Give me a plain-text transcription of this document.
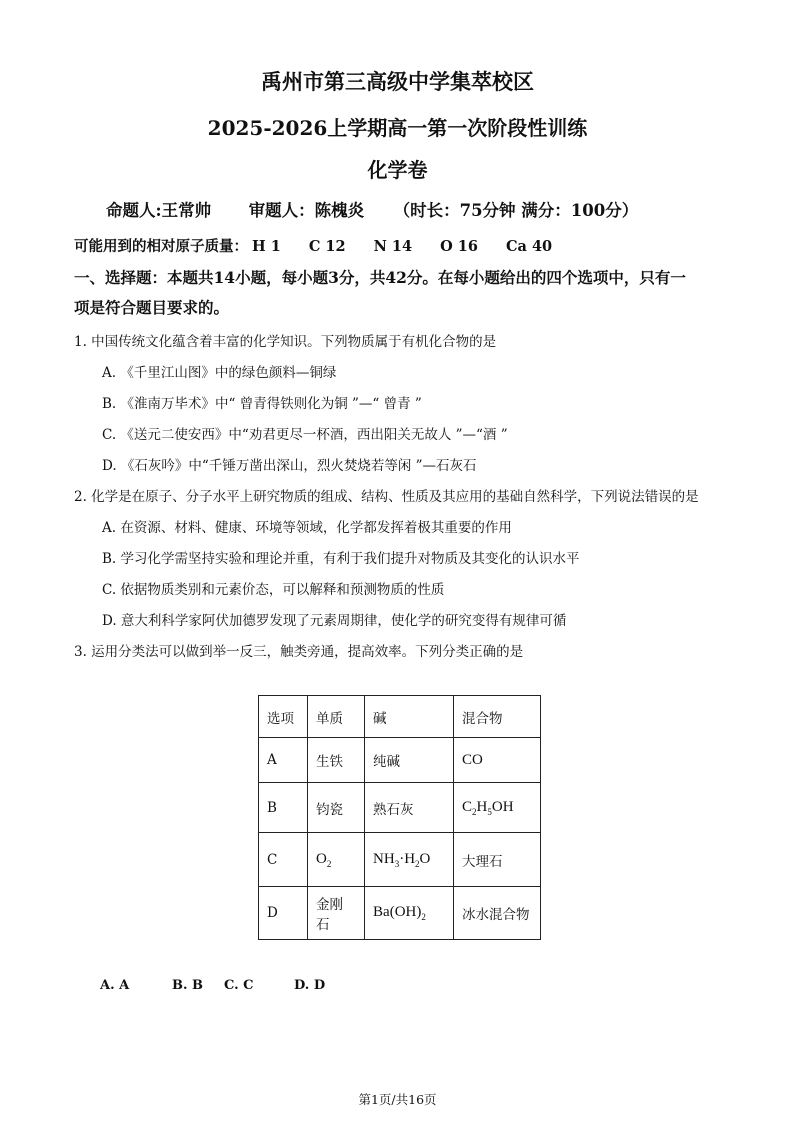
禹州市第三高级中学集萃校区
2025-2026上学期高一第一次阶段性训练
化学卷
命题人:王常帅 审题人：陈槐炎 （时长：75分钟 满分：100分）
可能用到的相对原子质量： H 1 C 12 N 14 O 16 Ca 40
一、选择题：本题共14小题，每小题3分，共42分。在每小题给出的四个选项中，只有一
项是符合题目要求的。
1. 中国传统文化蕴含着丰富的化学知识。下列物质属于有机化合物的是
A. 《千里江山图》中的绿色颜料—铜绿
B. 《淮南万毕术》中“ 曾青得铁则化为铜 ”—“ 曾青 ”
C. 《送元二使安西》中“劝君更尽一杯酒，西出阳关无故人 ”—“酒 ”
D. 《石灰吟》中“千锤万凿出深山，烈火焚烧若等闲 ”—石灰石
2. 化学是在原子、分子水平上研究物质的组成、结构、性质及其应用的基础自然科学，下列说法错误的是
A. 在资源、材料、健康、环境等领域，化学都发挥着极其重要的作用
B. 学习化学需坚持实验和理论并重，有利于我们提升对物质及其变化的认识水平
C. 依据物质类别和元素价态，可以解释和预测物质的性质
D. 意大利科学家阿伏加德罗发现了元素周期律，使化学的研究变得有规律可循
3. 运用分类法可以做到举一反三，触类旁通，提高效率。下列分类正确的是
选项	单质	碱	混合物
A	生铁	纯碱	CO
B	钧瓷	熟石灰	$C_2H_5OH$
C	$O_2$	$NH_3\cdot H_2O$	大理石
D	金刚石	$Ba(OH)_2$	冰水混合物
A. A	B. B C. C	D. D
第1页/共16页
